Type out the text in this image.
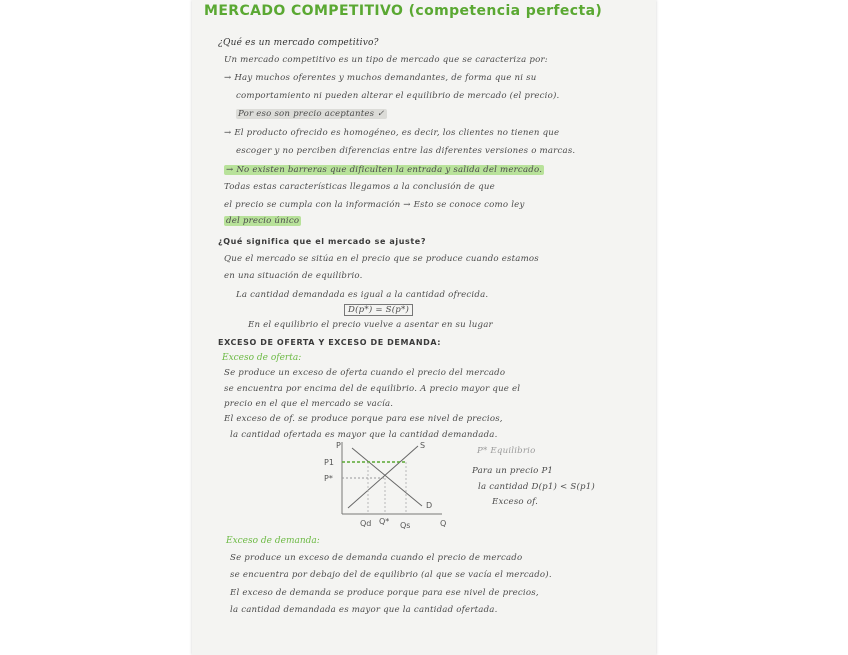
MERCADO COMPETITIVO (competencia perfecta)
¿Qué es un mercado competitivo?
Un mercado competitivo es un tipo de mercado que se caracteriza por:
→ Hay muchos oferentes y muchos demandantes, de forma que ni su
comportamiento ni pueden alterar el equilibrio de mercado (el precio).
Por eso son precio aceptantes ✓
→ El producto ofrecido es homogéneo, es decir, los clientes no tienen que
escoger y no perciben diferencias entre las diferentes versiones o marcas.
→ No existen barreras que dificulten la entrada y salida del mercado.
Todas estas características llegamos a la conclusión de que
el precio se cumpla con la información → Esto se conoce como ley
del precio único
¿Qué significa que el mercado se ajuste?
Que el mercado se sitúa en el precio que se produce cuando estamos
en una situación de equilibrio.
La cantidad demandada es igual a la cantidad ofrecida.
D(p*) = S(p*)
En el equilibrio el precio vuelve a asentar en su lugar
EXCESO DE OFERTA Y EXCESO DE DEMANDA:
Exceso de oferta:
Se produce un exceso de oferta cuando el precio del mercado
se encuentra por encima del de equilibrio. A precio mayor que el
precio en el que el mercado se vacía.
El exceso de of. se produce porque para ese nivel de precios,
la cantidad ofertada es mayor que la cantidad demandada.
P
Q
S
D
P1
P*
Qd Q* Qs
P* Equilibrio
Para un precio P1
la cantidad D(p1) < S(p1)
Exceso of.
Exceso de demanda:
Se produce un exceso de demanda cuando el precio de mercado
se encuentra por debajo del de equilibrio (al que se vacía el mercado).
El exceso de demanda se produce porque para ese nivel de precios,
la cantidad demandada es mayor que la cantidad ofertada.
